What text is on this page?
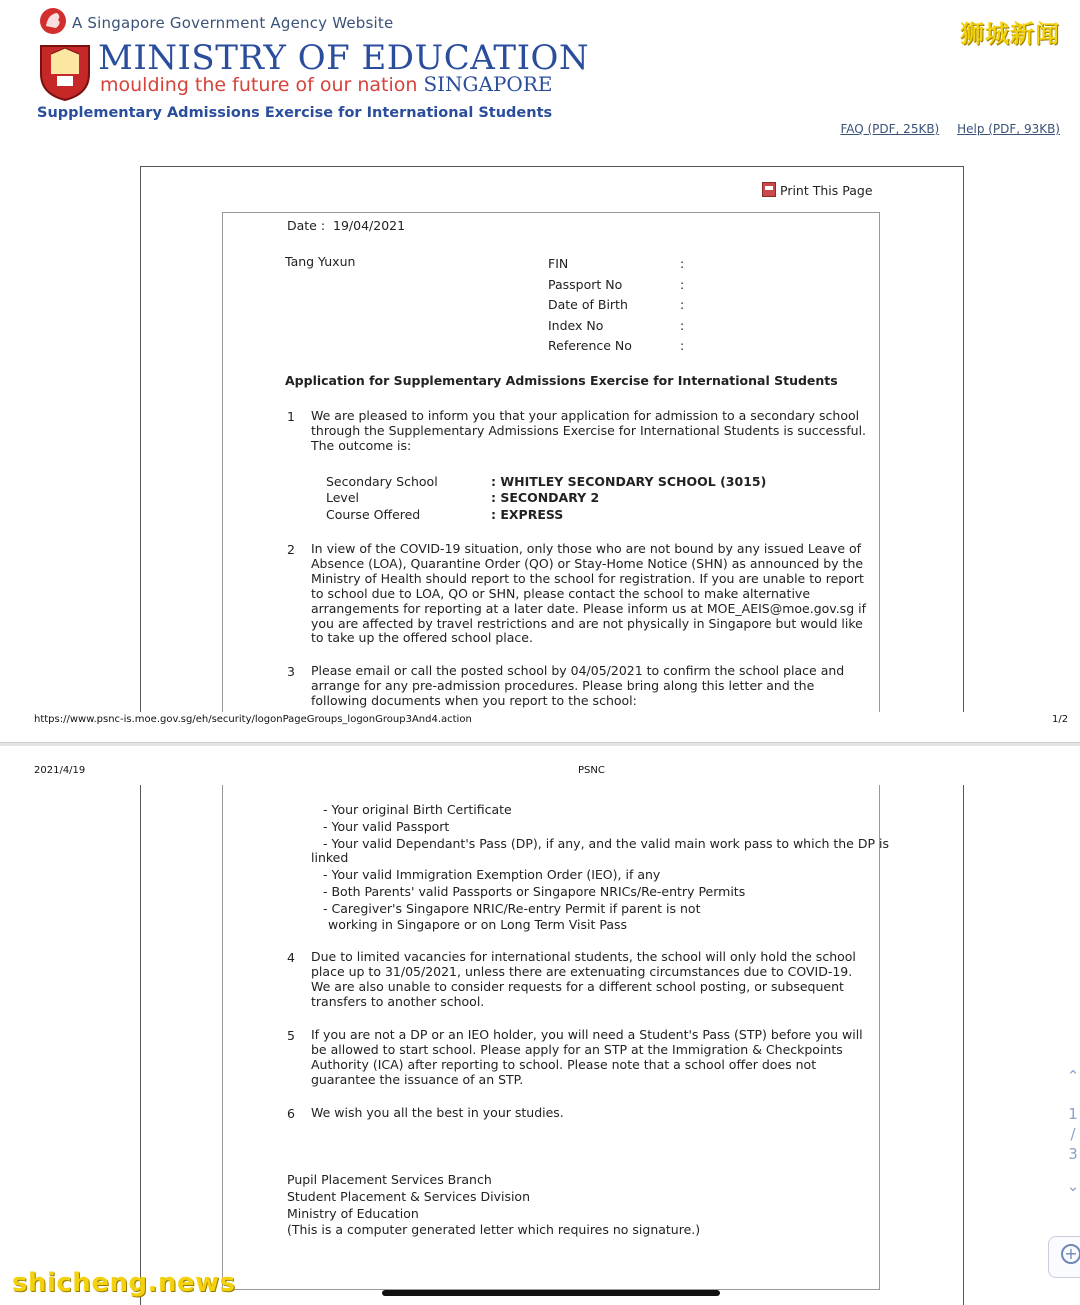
A Singapore Government Agency Website
MINISTRY OF EDUCATION
moulding the future of our nation SINGAPORE
Supplementary Admissions Exercise for International Students
狮城新闻
FAQ (PDF, 25KB) Help (PDF, 93KB)
Print This Page
Date : 19/04/2021
Tang Yuxun	FIN	:
Passport No	:
Date of Birth	:
Index No	:
Reference No	:
Application for Supplementary Admissions Exercise for International Students
1 We are pleased to inform you that your application for admission to a secondary school through the Supplementary Admissions Exercise for International Students is successful. The outcome is:
Secondary School	: WHITLEY SECONDARY SCHOOL (3015)
Level	: SECONDARY 2
Course Offered	: EXPRESS
2 In view of the COVID-19 situation, only those who are not bound by any issued Leave of Absence (LOA), Quarantine Order (QO) or Stay-Home Notice (SHN) as announced by the Ministry of Health should report to the school for registration. If you are unable to report to school due to LOA, QO or SHN, please contact the school to make alternative arrangements for reporting at a later date. Please inform us at MOE_AEIS@moe.gov.sg if you are affected by travel restrictions and are not physically in Singapore but would like to take up the offered school place.
3 Please email or call the posted school by 04/05/2021 to confirm the school place and arrange for any pre-admission procedures. Please bring along this letter and the following documents when you report to the school:
https://www.psnc-is.moe.gov.sg/eh/security/logonPageGroups_logonGroup3And4.action	1/2
2021/4/19	PSNC
- Your original Birth Certificate
- Your valid Passport
- Your valid Dependant's Pass (DP), if any, and the valid main work pass to which the DP is
linked
- Your valid Immigration Exemption Order (IEO), if any
- Both Parents' valid Passports or Singapore NRICs/Re-entry Permits
- Caregiver's Singapore NRIC/Re-entry Permit if parent is not
working in Singapore or on Long Term Visit Pass
4 Due to limited vacancies for international students, the school will only hold the school place up to 31/05/2021, unless there are extenuating circumstances due to COVID-19. We are also unable to consider requests for a different school posting, or subsequent transfers to another school.
5 If you are not a DP or an IEO holder, you will need a Student's Pass (STP) before you will be allowed to start school. Please apply for an STP at the Immigration & Checkpoints Authority (ICA) after reporting to school. Please note that a school offer does not guarantee the issuance of an STP.
6 We wish you all the best in your studies.
Pupil Placement Services Branch
Student Placement & Services Division
Ministry of Education
(This is a computer generated letter which requires no signature.)
⌃
1
/
3
⌄
+
shicheng.news
